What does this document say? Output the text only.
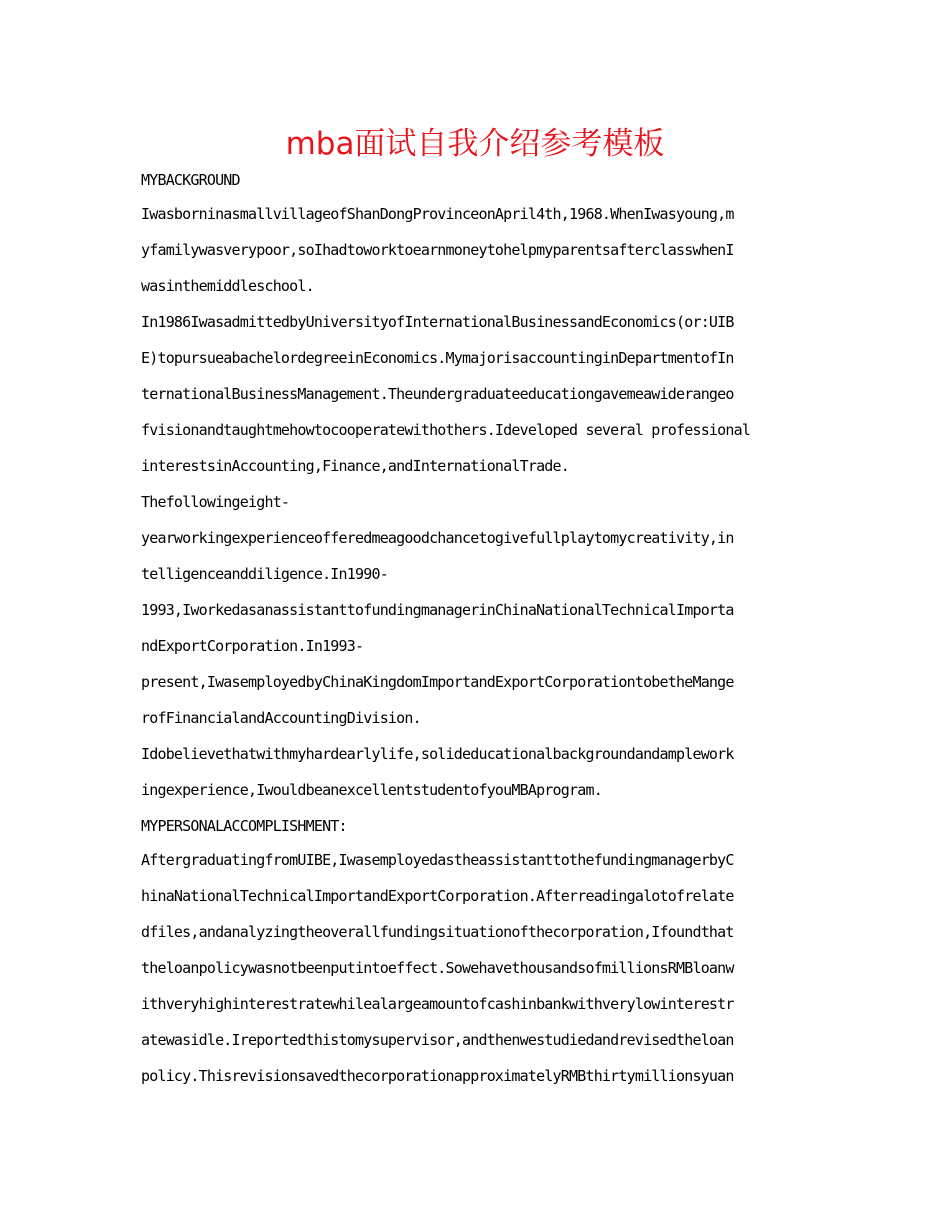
mba面试自我介绍参考模板
MYBACKGROUND
IwasborninasmallvillageofShanDongProvinceonApril4th,1968.WhenIwasyoung,m
yfamilywasverypoor,soIhadtoworktoearnmoneytohelpmyparentsafterclasswhenI
wasinthemiddleschool.
In1986IwasadmittedbyUniversityofInternationalBusinessandEconomics(or:UIB
E)topursueabachelordegreeinEconomics.MymajorisaccountinginDepartmentofIn
ternationalBusinessManagement.Theundergraduateeducationgavemeawiderangeo
fvisionandtaughtmehowtocooperatewithothers.Ideveloped several professional
interestsinAccounting,Finance,andInternationalTrade.
Thefollowingeight-
yearworkingexperienceofferedmeagoodchancetogivefullplaytomycreativity,in
telligenceanddiligence.In1990-
1993,IworkedasanassistanttofundingmanagerinChinaNationalTechnicalImporta
ndExportCorporation.In1993-
present,IwasemployedbyChinaKingdomImportandExportCorporationtobetheMange
rofFinancialandAccountingDivision.
Idobelievethatwithmyhardearlylife,solideducationalbackgroundandamplework
ingexperience,IwouldbeanexcellentstudentofyouMBAprogram.
MYPERSONALACCOMPLISHMENT:
AftergraduatingfromUIBE,IwasemployedastheassistanttothefundingmanagerbyC
hinaNationalTechnicalImportandExportCorporation.Afterreadingalotofrelate
dfiles,andanalyzingtheoverallfundingsituationofthecorporation,Ifoundthat
theloanpolicywasnotbeenputintoeffect.SowehavethousandsofmillionsRMBloanw
ithveryhighinterestratewhilealargeamountofcashinbankwithverylowinterestr
atewasidle.Ireportedthistomysupervisor,andthenwestudiedandrevisedtheloan
policy.ThisrevisionsavedthecorporationapproximatelyRMBthirtymillionsyuan
